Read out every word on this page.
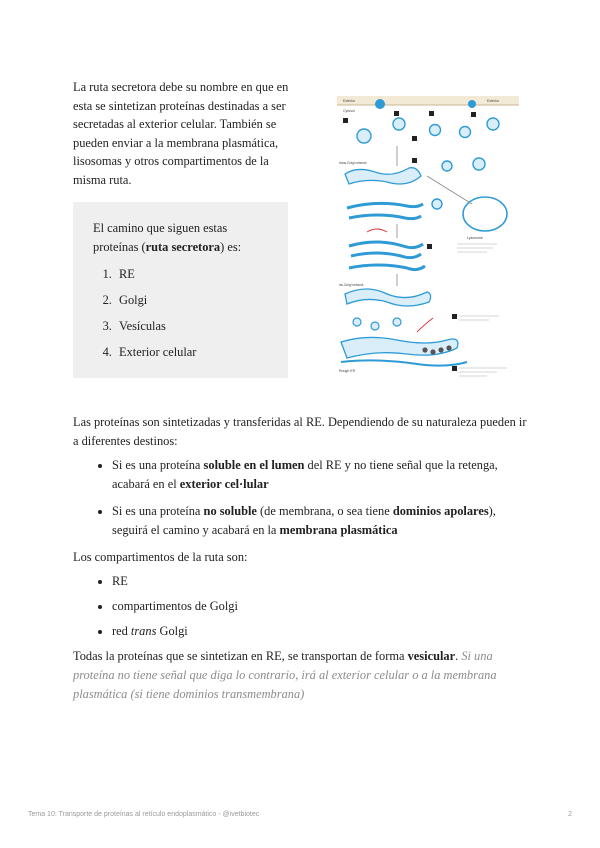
La ruta secretora debe su nombre en que en esta se sintetizan proteínas destinadas a ser secretadas al exterior celular. También se pueden enviar a la membrana plasmática, lisosomas y otros compartimentos de la misma ruta.

El camino que siguen estas proteínas (ruta secretora) es:

1. RE
2. Golgi
3. Vesículas
4. Exterior celular
Exterior	Exterior
Cytosol
trans-Golgi network
Lysosome
cis-Golgi network
Rough ER

Las proteínas son sintetizadas y transferidas al RE. Dependiendo de su naturaleza pueden ir a diferentes destinos:

• Si es una proteína soluble en el lumen del RE y no tiene señal que la retenga, acabará en el exterior cel·lular
• Si es una proteína no soluble (de membrana, o sea tiene dominios apolares), seguirá el camino y acabará en la membrana plasmática

Los compartimentos de la ruta son:

• RE
• compartimentos de Golgi
• red trans Golgi

Todas la proteínas que se sintetizan en RE, se transportan de forma vesicular. Si una proteína no tiene señal que diga lo contrario, irá al exterior celular o a la membrana plasmática (si tiene dominios transmembrana)

Tema 10: Transporte de proteínas al retículo endoplasmático - @ivetbiotec	2
